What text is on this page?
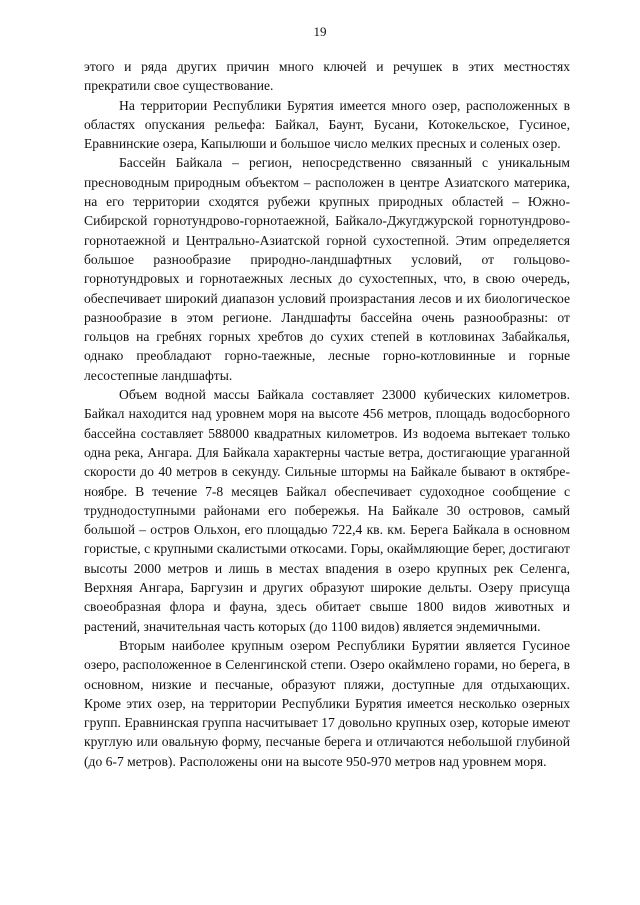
19

этого и ряда других причин много ключей и речушек в этих местностях прекратили свое существование.

На территории Республики Бурятия имеется много озер, расположенных в областях опускания рельефа: Байкал, Баунт, Бусани, Котокельское, Гусиное, Еравнинские озера, Капылюши и большое число мелких пресных и соленых озер.

Бассейн Байкала – регион, непосредственно связанный с уникальным пресноводным природным объектом – расположен в центре Азиатского материка, на его территории сходятся рубежи крупных природных областей – Южно-Сибирской горнотундрово-горнотаежной, Байкало-Джугджурской горнотундрово-горнотаежной и Центрально-Азиатской горной сухостепной. Этим определяется большое разнообразие природно-ландшафтных условий, от гольцово-горнотундровых и горнотаежных лесных до сухостепных, что, в свою очередь, обеспечивает широкий диапазон условий произрастания лесов и их биологическое разнообразие в этом регионе. Ландшафты бассейна очень разнообразны: от гольцов на гребнях горных хребтов до сухих степей в котловинах Забайкалья, однако преобладают горно-таежные, лесные горно-котловинные и горные лесостепные ландшафты.

Объем водной массы Байкала составляет 23000 кубических километров. Байкал находится над уровнем моря на высоте 456 метров, площадь водосборного бассейна составляет 588000 квадратных километров. Из водоема вытекает только одна река, Ангара. Для Байкала характерны частые ветра, достигающие ураганной скорости до 40 метров в секунду. Сильные штормы на Байкале бывают в октябре-ноябре. В течение 7-8 месяцев Байкал обеспечивает судоходное сообщение с труднодоступными районами его побережья. На Байкале 30 островов, самый большой – остров Ольхон, его площадью 722,4 кв. км. Берега Байкала в основном гористые, с крупными скалистыми откосами. Горы, окаймляющие берег, достигают высоты 2000 метров и лишь в местах впадения в озеро крупных рек Селенга, Верхняя Ангара, Баргузин и других образуют широкие дельты. Озеру присуща своеобразная флора и фауна, здесь обитает свыше 1800 видов животных и растений, значительная часть которых (до 1100 видов) является эндемичными.

Вторым наиболее крупным озером Республики Бурятии является Гусиное озеро, расположенное в Селенгинской степи. Озеро окаймлено горами, но берега, в основном, низкие и песчаные, образуют пляжи, доступные для отдыхающих. Кроме этих озер, на территории Республики Бурятия имеется несколько озерных групп. Еравнинская группа насчитывает 17 довольно крупных озер, которые имеют круглую или овальную форму, песчаные берега и отличаются небольшой глубиной (до 6-7 метров). Расположены они на высоте 950-970 метров над уровнем моря.
